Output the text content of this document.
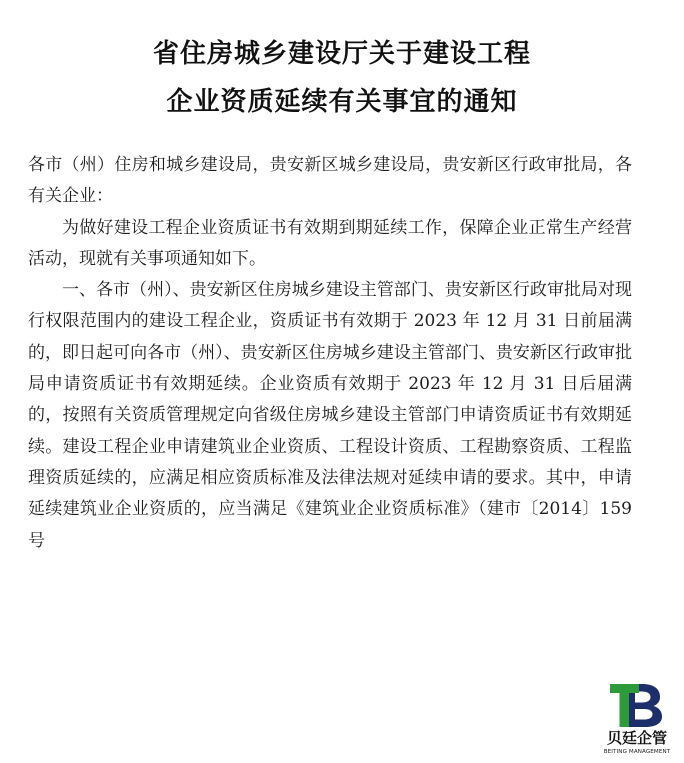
省住房城乡建设厅关于建设工程
企业资质延续有关事宜的通知

各市（州）住房和城乡建设局，贵安新区城乡建设局，贵安新区行政审批局，各有关企业：

为做好建设工程企业资质证书有效期到期延续工作，保障企业正常生产经营活动，现就有关事项通知如下。

一、各市（州）、贵安新区住房城乡建设主管部门、贵安新区行政审批局对现行权限范围内的建设工程企业，资质证书有效期于 2023 年 12 月 31 日前届满的，即日起可向各市（州）、贵安新区住房城乡建设主管部门、贵安新区行政审批局申请资质证书有效期延续。企业资质有效期于 2023 年 12 月 31 日后届满的，按照有关资质管理规定向省级住房城乡建设主管部门申请资质证书有效期延续。建设工程企业申请建筑业企业资质、工程设计资质、工程勘察资质、工程监理资质延续的，应满足相应资质标准及法律法规对延续申请的要求。其中，申请延续建筑业企业资质的，应当满足《建筑业企业资质标准》（建市〔2014〕159 号

贝廷企管
BEITING MANAGEMENT
